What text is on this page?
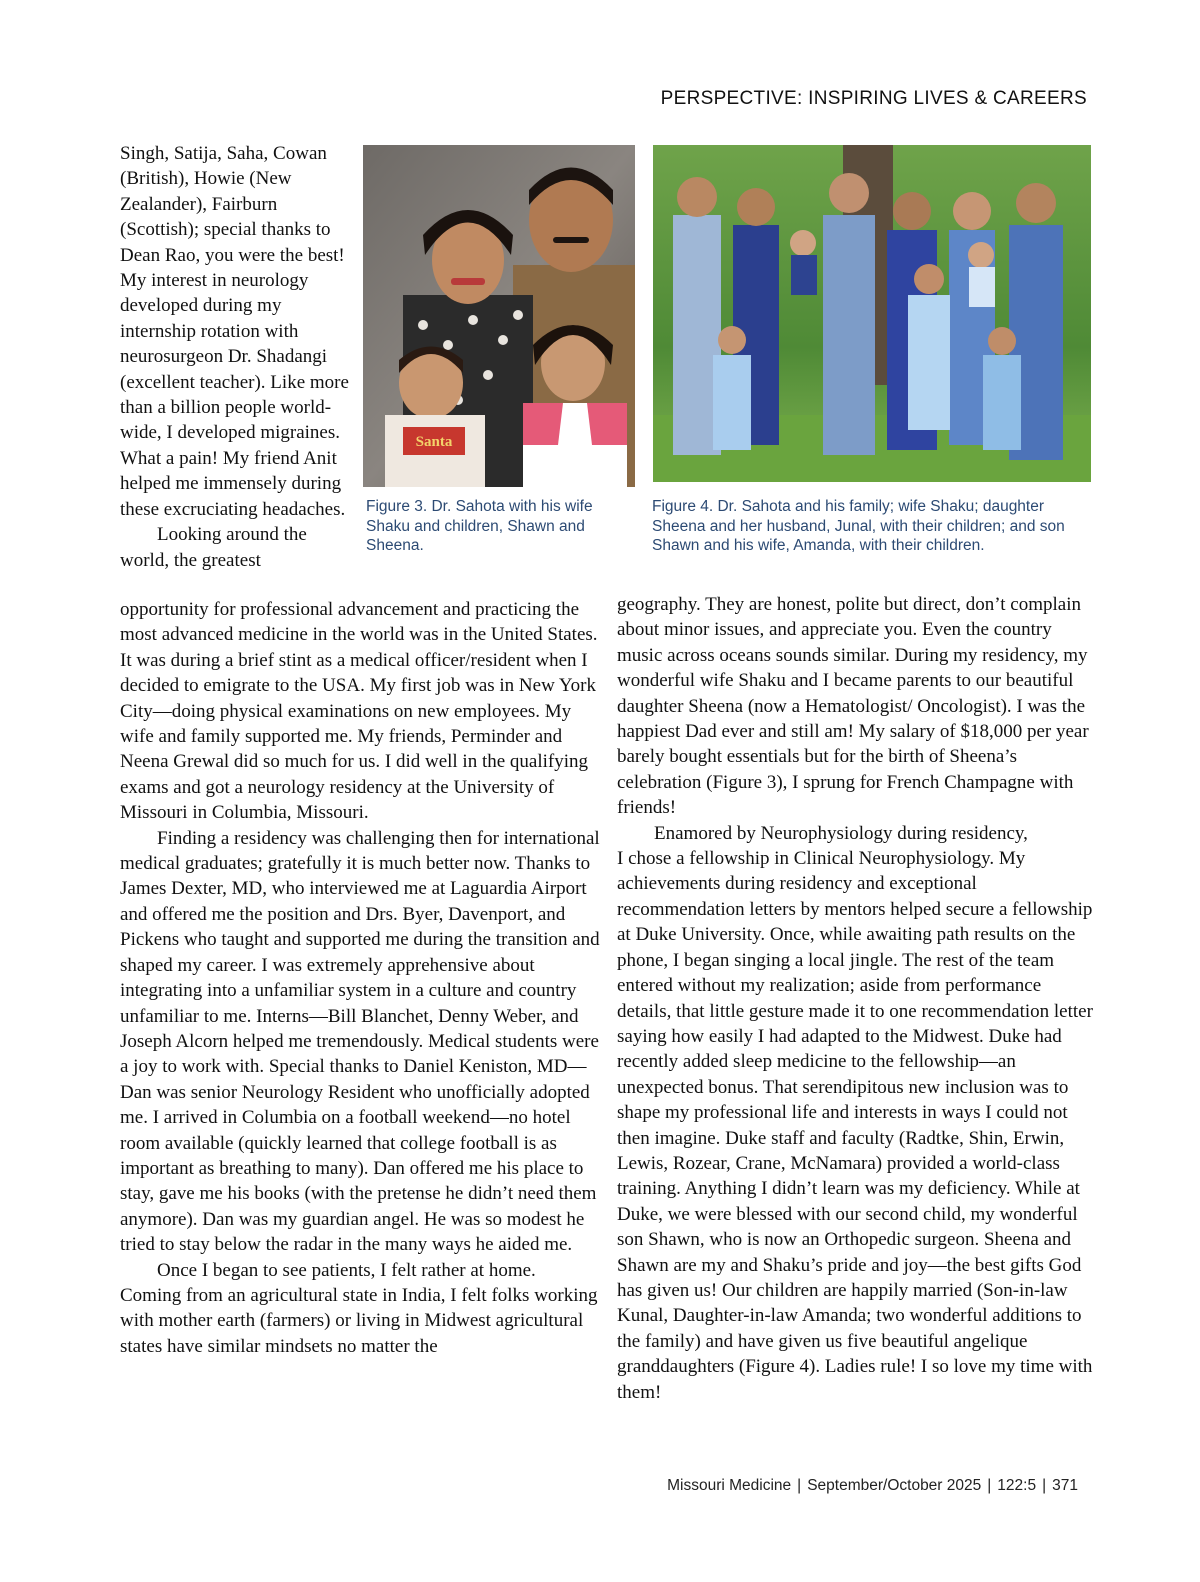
PERSPECTIVE: INSPIRING LIVES & CAREERS

Singh, Satija, Saha, Cowan (British), Howie (New Zealander), Fairburn (Scottish); special thanks to Dean Rao, you were the best! My interest in neurology developed during my internship rotation with neurosurgeon Dr. Shadangi (excellent teacher). Like more than a billion people world-wide, I developed migraines. What a pain! My friend Anit helped me immensely during these excruciating headaches.

Looking around the world, the greatest

Santa
Figure 3. Dr. Sahota with his wife Shaku and children, Shawn and Sheena.
Figure 4. Dr. Sahota and his family; wife Shaku; daughter Sheena and her husband, Junal, with their children; and son Shawn and his wife, Amanda, with their children.

opportunity for professional advancement and practicing the most advanced medicine in the world was in the United States. It was during a brief stint as a medical officer/resident when I decided to emigrate to the USA. My first job was in New York City—doing physical examinations on new employees. My wife and family supported me. My friends, Perminder and Neena Grewal did so much for us. I did well in the qualifying exams and got a neurology residency at the University of Missouri in Columbia, Missouri.

Finding a residency was challenging then for international medical graduates; gratefully it is much better now. Thanks to James Dexter, MD, who interviewed me at Laguardia Airport and offered me the position and Drs. Byer, Davenport, and Pickens who taught and supported me during the transition and shaped my career. I was extremely apprehensive about integrating into a unfamiliar system in a culture and country unfamiliar to me. Interns—Bill Blanchet, Denny Weber, and Joseph Alcorn helped me tremendously. Medical students were a joy to work with. Special thanks to Daniel Keniston, MD— Dan was senior Neurology Resident who unofficially adopted me. I arrived in Columbia on a football weekend—no hotel room available (quickly learned that college football is as important as breathing to many). Dan offered me his place to stay, gave me his books (with the pretense he didn’t need them anymore). Dan was my guardian angel. He was so modest he tried to stay below the radar in the many ways he aided me.

Once I began to see patients, I felt rather at home. Coming from an agricultural state in India, I felt folks working with mother earth (farmers) or living in Midwest agricultural states have similar mindsets no matter the

geography. They are honest, polite but direct, don’t complain about minor issues, and appreciate you. Even the country music across oceans sounds similar. During my residency, my wonderful wife Shaku and I became parents to our beautiful daughter Sheena (now a Hematologist/ Oncologist). I was the happiest Dad ever and still am! My salary of $18,000 per year barely bought essentials but for the birth of Sheena’s celebration (Figure 3), I sprung for French Champagne with friends!

Enamored by Neurophysiology during residency,

I chose a fellowship in Clinical Neurophysiology. My achievements during residency and exceptional recommendation letters by mentors helped secure a fellowship at Duke University. Once, while awaiting path results on the phone, I began singing a local jingle. The rest of the team entered without my realization; aside from performance details, that little gesture made it to one recommendation letter saying how easily I had adapted to the Midwest. Duke had recently added sleep medicine to the fellowship—an unexpected bonus. That serendipitous new inclusion was to shape my professional life and interests in ways I could not then imagine. Duke staff and faculty (Radtke, Shin, Erwin, Lewis, Rozear, Crane, McNamara) provided a world-class training. Anything I didn’t learn was my deficiency. While at Duke, we were blessed with our second child, my wonderful son Shawn, who is now an Orthopedic surgeon. Sheena and Shawn are my and Shaku’s pride and joy—the best gifts God has given us! Our children are happily married (Son-in-law Kunal, Daughter-in-law Amanda; two wonderful additions to the family) and have given us five beautiful angelique granddaughters (Figure 4). Ladies rule! I so love my time with them!

Missouri Medicine | September/October 2025 | 122:5 | 371
